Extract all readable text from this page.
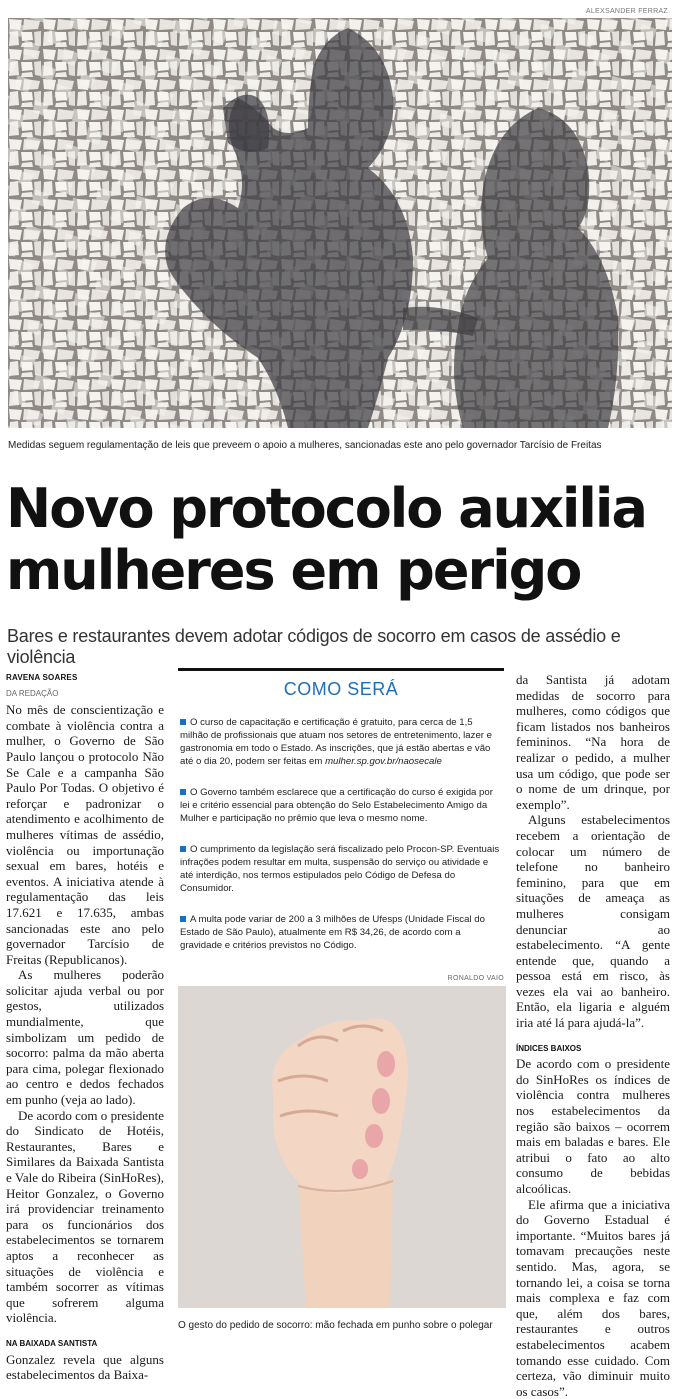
ALEXSANDER FERRAZ
Medidas seguem regulamentação de leis que preveem o apoio a mulheres, sancionadas este ano pelo governador Tarcísio de Freitas
Novo protocolo auxilia mulheres em perigo
Bares e restaurantes devem adotar códigos de socorro em casos de assédio e violência
RAVENA SOARES
DA REDAÇÃO

No mês de conscientização e combate à violência contra a mulher, o Governo de São Paulo lançou o protocolo Não Se Cale e a campanha São Paulo Por Todas. O objetivo é reforçar e padronizar o atendimento e acolhimento de mulheres vítimas de assédio, violência ou importunação sexual em bares, hotéis e eventos. A iniciativa atende à regulamentação das leis 17.621 e 17.635, ambas sancionadas este ano pelo governador Tarcísio de Freitas (Republicanos).

As mulheres poderão solicitar ajuda verbal ou por gestos, utilizados mundialmente, que simbolizam um pedido de socorro: palma da mão aberta para cima, polegar flexionado ao centro e dedos fechados em punho (veja ao lado).

De acordo com o presidente do Sindicato de Hotéis, Restaurantes, Bares e Similares da Baixada Santista e Vale do Ribeira (SinHoRes), Heitor Gonzalez, o Governo irá providenciar treinamento para os funcionários dos estabelecimentos se tornarem aptos a reconhecer as situações de violência e também socorrer as vítimas que sofrerem alguma violência.

NA BAIXADA SANTISTA

Gonzalez revela que alguns estabelecimentos da Baixa-

COMO SERÁ
O curso de capacitação e certificação é gratuito, para cerca de 1,5 milhão de profissionais que atuam nos setores de entretenimento, lazer e gastronomia em todo o Estado. As inscrições, que já estão abertas e vão até o dia 20, podem ser feitas em mulher.sp.gov.br/naosecale
O Governo também esclarece que a certificação do curso é exigida por lei e critério essencial para obtenção do Selo Estabelecimento Amigo da Mulher e participação no prêmio que leva o mesmo nome.
O cumprimento da legislação será fiscalizado pelo Procon-SP. Eventuais infrações podem resultar em multa, suspensão do serviço ou atividade e até interdição, nos termos estipulados pelo Código de Defesa do Consumidor.
A multa pode variar de 200 a 3 milhões de Ufesps (Unidade Fiscal do Estado de São Paulo), atualmente em R$ 34,26, de acordo com a gravidade e critérios previstos no Código.
RONALDO VAIO
O gesto do pedido de socorro: mão fechada em punho sobre o polegar

da Santista já adotam medidas de socorro para mulheres, como códigos que ficam listados nos banheiros femininos. “Na hora de realizar o pedido, a mulher usa um código, que pode ser o nome de um drinque, por exemplo”.

Alguns estabelecimentos recebem a orientação de colocar um número de telefone no banheiro feminino, para que em situações de ameaça as mulheres consigam denunciar ao estabelecimento. “A gente entende que, quando a pessoa está em risco, às vezes ela vai ao banheiro. Então, ela ligaria e alguém iria até lá para ajudá-la”.

ÍNDICES BAIXOS

De acordo com o presidente do SinHoRes os índices de violência contra mulheres nos estabelecimentos da região são baixos – ocorrem mais em baladas e bares. Ele atribui o fato ao alto consumo de bebidas alcoólicas.

Ele afirma que a iniciativa do Governo Estadual é importante. “Muitos bares já tomavam precauções neste sentido. Mas, agora, se tornando lei, a coisa se torna mais complexa e faz com que, além dos bares, restaurantes e outros estabelecimentos acabem tomando esse cuidado. Com certeza, vão diminuir muito os casos”.
